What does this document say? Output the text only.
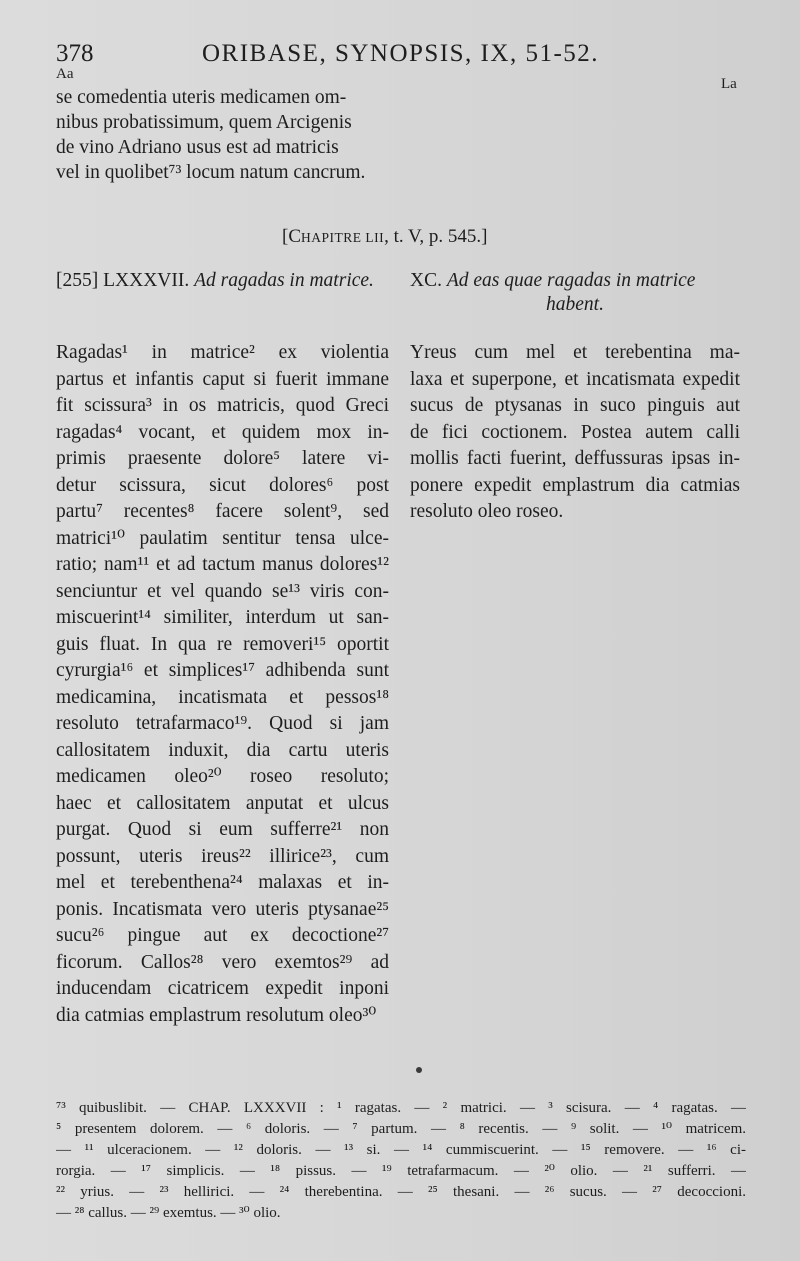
378	ORIBASE, SYNOPSIS, IX, 51-52.
Aa
La
se comedentia uteris medicamen om-
nibus probatissimum, quem Arcigenis
de vino Adriano usus est ad matricis
vel in quolibet⁷³ locum natum cancrum.
[CHAPITRE LII, t. V, p. 545.]
[255] LXXXVII. Ad ragadas in matrice. XC. Ad eas quae ragadas in matrice
habent.
Ragadas¹ in matrice² ex violentia
partus et infantis caput si fuerit immane
fit scissura³ in os matricis, quod Greci
ragadas⁴ vocant, et quidem mox in-
primis praesente dolore⁵ latere vi-
detur scissura, sicut dolores⁶ post
partu⁷ recentes⁸ facere solent⁹, sed
matrici¹⁰ paulatim sentitur tensa ulce-
ratio; nam¹¹ et ad tactum manus dolores¹²
senciuntur et vel quando se¹³ viris con-
miscuerint¹⁴ similiter, interdum ut san-
guis fluat. In qua re removeri¹⁵ oportit
cyrurgia¹⁶ et simplices¹⁷ adhibenda sunt
medicamina, incatismata et pessos¹⁸
resoluto tetrafarmaco¹⁹. Quod si jam
callositatem induxit, dia cartu uteris
medicamen oleo²⁰ roseo resoluto;
haec et callositatem anputat et ulcus
purgat. Quod si eum sufferre²¹ non
possunt, uteris ireus²² illirice²³, cum
mel et terebenthena²⁴ malaxas et in-
ponis. Incatismata vero uteris ptysanae²⁵
sucu²⁶ pingue aut ex decoctione²⁷
ficorum. Callos²⁸ vero exemtos²⁹ ad
inducendam cicatricem expedit inponi
dia catmias emplastrum resolutum oleo³⁰
Yreus cum mel et terebentina ma-
laxa et superpone, et incatismata expedit
sucus de ptysanas in suco pinguis aut
de fici coctionem. Postea autem calli
mollis facti fuerint, deffussuras ipsas in-
ponere expedit emplastrum dia catmias
resoluto oleo roseo.
⁷³ quibuslibit. — CHAP. LXXXVII : ¹ ragatas. — ² matrici. — ³ scisura. — ⁴ ragatas. —
⁵ presentem dolorem. — ⁶ doloris. — ⁷ partum. — ⁸ recentis. — ⁹ solit. — ¹⁰ matricem.
— ¹¹ ulceracionem. — ¹² doloris. — ¹³ si. — ¹⁴ cummiscuerint. — ¹⁵ removere. — ¹⁶ ci-
rorgia. — ¹⁷ simplicis. — ¹⁸ pissus. — ¹⁹ tetrafarmacum. — ²⁰ olio. — ²¹ sufferri. —
²² yrius. — ²³ hellirici. — ²⁴ therebentina. — ²⁵ thesani. — ²⁶ sucus. — ²⁷ decoccioni.
— ²⁸ callus. — ²⁹ exemtus. — ³⁰ olio.
